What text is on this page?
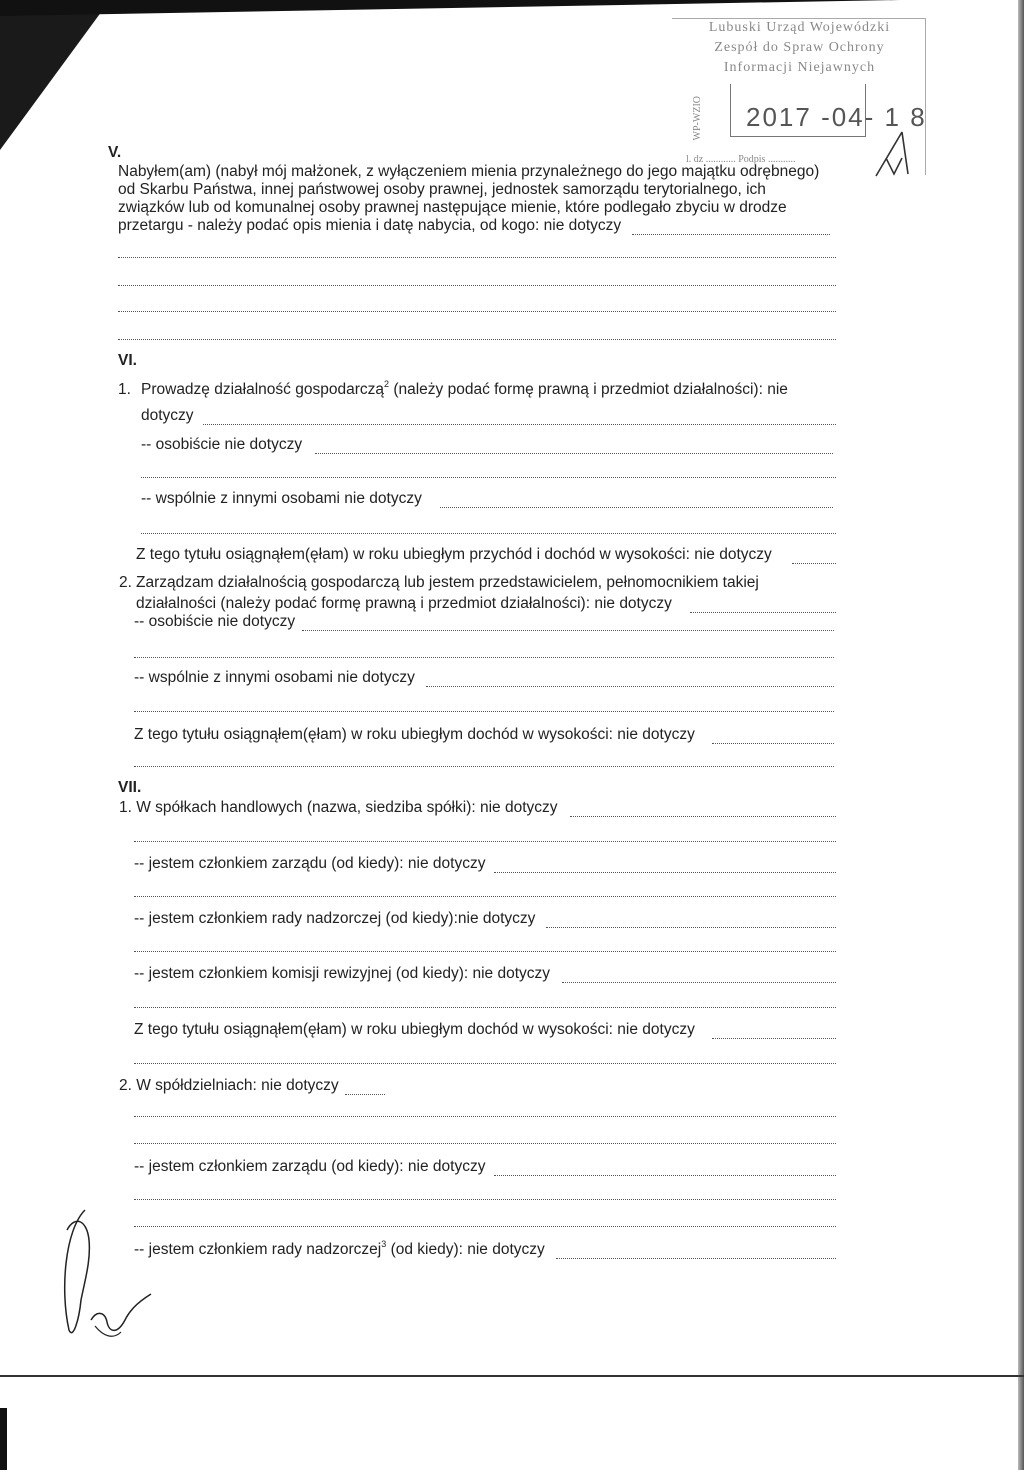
Lubuski Urząd Wojewódzki
Zespół do Spraw Ochrony
Informacji Niejawnych
WP-WZIO 2017 -04- 1 8
l. dz ............ Podpis ...........
V.
Nabyłem(am) (nabył mój małżonek, z wyłączeniem mienia przynależnego do jego majątku odrębnego)
od Skarbu Państwa, innej państwowej osoby prawnej, jednostek samorządu terytorialnego, ich
związków lub od komunalnej osoby prawnej następujące mienie, które podlegało zbyciu w drodze
przetargu - należy podać opis mienia i datę nabycia, od kogo: nie dotyczy
VI.
1. Prowadzę działalność gospodarczą$^2$ (należy podać formę prawną i przedmiot działalności): nie
dotyczy
-- osobiście nie dotyczy
-- wspólnie z innymi osobami nie dotyczy
Z tego tytułu osiągnąłem(ęłam) w roku ubiegłym przychód i dochód w wysokości: nie dotyczy
2. Zarządzam działalnością gospodarczą lub jestem przedstawicielem, pełnomocnikiem takiej
działalności (należy podać formę prawną i przedmiot działalności): nie dotyczy
-- osobiście nie dotyczy
-- wspólnie z innymi osobami nie dotyczy
Z tego tytułu osiągnąłem(ęłam) w roku ubiegłym dochód w wysokości: nie dotyczy
VII.
1. W spółkach handlowych (nazwa, siedziba spółki): nie dotyczy
-- jestem członkiem zarządu (od kiedy): nie dotyczy
-- jestem członkiem rady nadzorczej (od kiedy):nie dotyczy
-- jestem członkiem komisji rewizyjnej (od kiedy): nie dotyczy
Z tego tytułu osiągnąłem(ęłam) w roku ubiegłym dochód w wysokości: nie dotyczy
2. W spółdzielniach: nie dotyczy
-- jestem członkiem zarządu (od kiedy): nie dotyczy
-- jestem członkiem rady nadzorczej$^3$ (od kiedy): nie dotyczy
